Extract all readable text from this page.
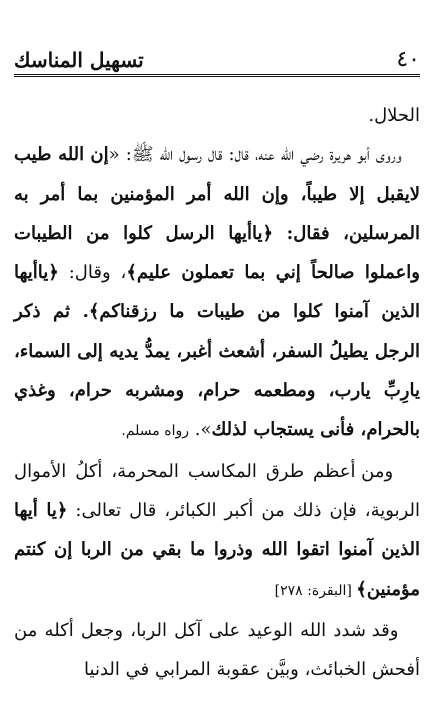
٤٠
تسهيل المناسك

الحلال.

وروى أبو هريرة رضي الله عنه، قال: قال رسول الله ﷺ: «إن الله طيب لايقبل إلا طيباً، وإن الله أمر المؤمنين بما أمر به المرسلين، فقال: ﴿ياأيها الرسل كلوا من الطيبات واعملوا صالحاً إني بما تعملون عليم﴾، وقال: ﴿ياأيها الذين آمنوا كلوا من طيبات ما رزقناكم﴾. ثم ذكر الرجل يطيلُ السفر، أشعث أغبر، يمدُّ يديه إلى السماء، يارِبِّ يارب، ومطعمه حرام، ومشربه حرام، وغذي بالحرام، فأنى يستجاب لذلك». رواه مسلم.

ومن أعظم طرق المكاسب المحرمة، أكلُ الأموال الربوية، فإن ذلك من أكبر الكبائر، قال تعالى: ﴿يا أيها الذين آمنوا اتقوا الله وذروا ما بقي من الربا إن كنتم مؤمنين﴾ [البقرة: ٢٧٨]

وقد شدد الله الوعيد على آكل الربا، وجعل أكله من أفحش الخبائث، وبيَّن عقوبة المرابي في الدنيا
